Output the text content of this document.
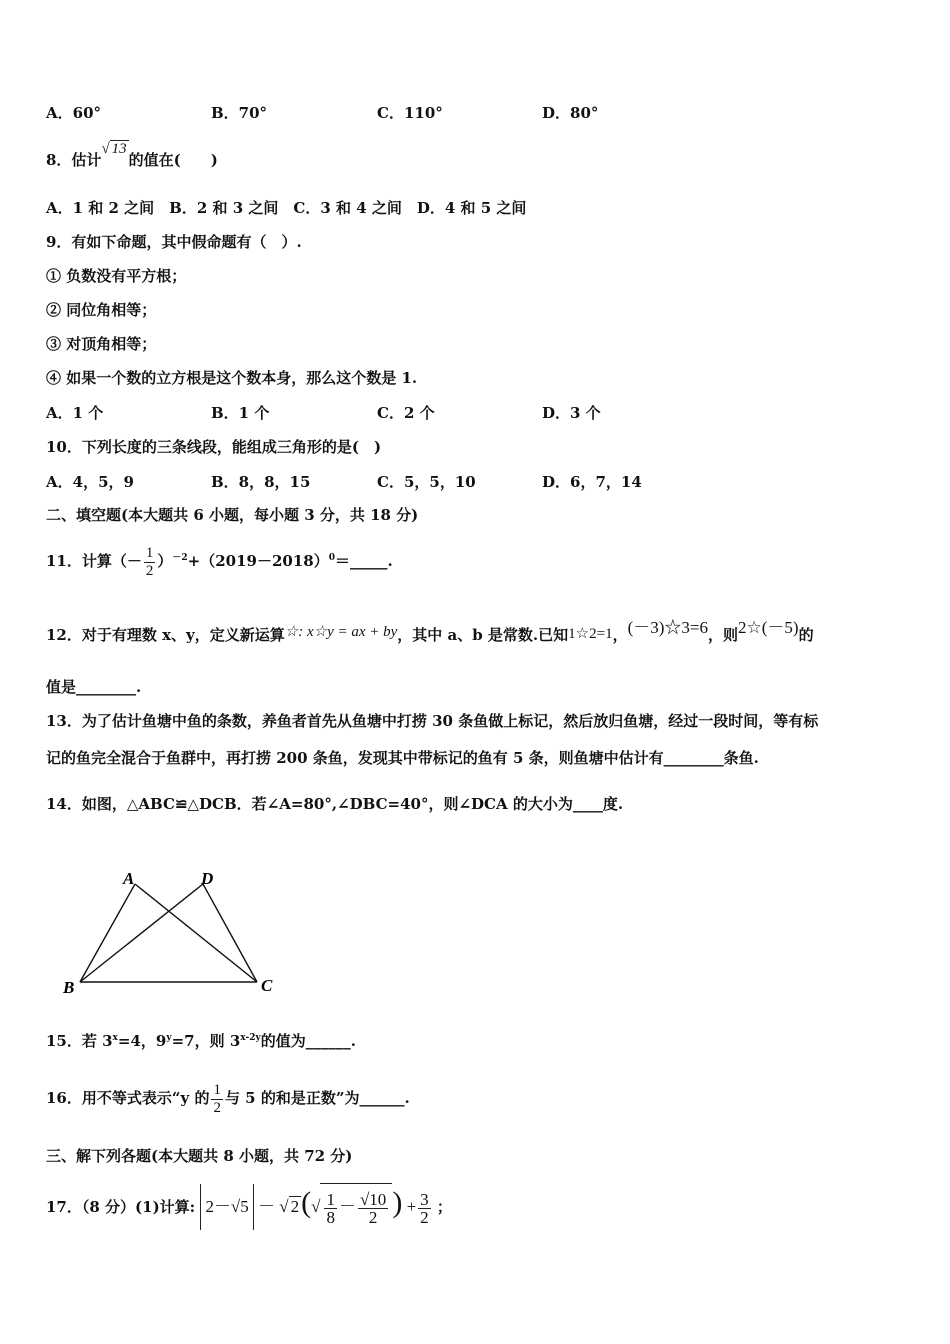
A．60°	B．70°	C．110°	D．80°
8．估计√ 13的值在(　　)
A．1 和 2 之间　B．2 和 3 之间　C．3 和 4 之间　D．4 和 5 之间
9．有如下命题，其中假命题有（　）.
① 负数没有平方根；
② 同位角相等；
③ 对顶角相等；
④ 如果一个数的立方根是这个数本身，那么这个数是 1.
A．1 个	B．1 个	C．2 个	D．3 个
10．下列长度的三条线段，能组成三角形的是(　)
A．4，5，9	B．8，8，15	C．5，5，10	D．6，7，14
二、填空题(本大题共 6 小题，每小题 3 分，共 18 分)
11．计算（－ $\frac{1}{2}$ ）$^{-2}+(2019-2018)^0=\_\_\_\_\_$.
12．对于有理数 x、y，定义新运算☆: x☆y = ax + by，其中 a、b 是常数.已知1☆2=1，(－3)☆3=6，则2☆(－5)的
值是________.
13．为了估计鱼塘中鱼的条数，养鱼者首先从鱼塘中打捞 30 条鱼做上标记，然后放归鱼塘，经过一段时间，等有标
记的鱼完全混合于鱼群中，再打捞 200 条鱼，发现其中带标记的鱼有 5 条，则鱼塘中估计有________条鱼.
14．如图，△ABC≌△DCB．若∠A=80°,∠DBC=40°，则∠DCA 的大小为____度.
A	D
B	C
15．若 $3^x=4$，$9^y=7$，则 $3^{x-2y}$的值为______.
16．用不等式表示“y 的 $\frac{1}{2}$ 与 5 的和是正数”为______.
三、解下列各题(本大题共 8 小题，共 72 分)
17．（8 分）(1)计算: 2－√5 － √ $2(√ \frac{1}{8} - \frac{√10}{2}$ ) + $\frac{3}{2}$ ；
